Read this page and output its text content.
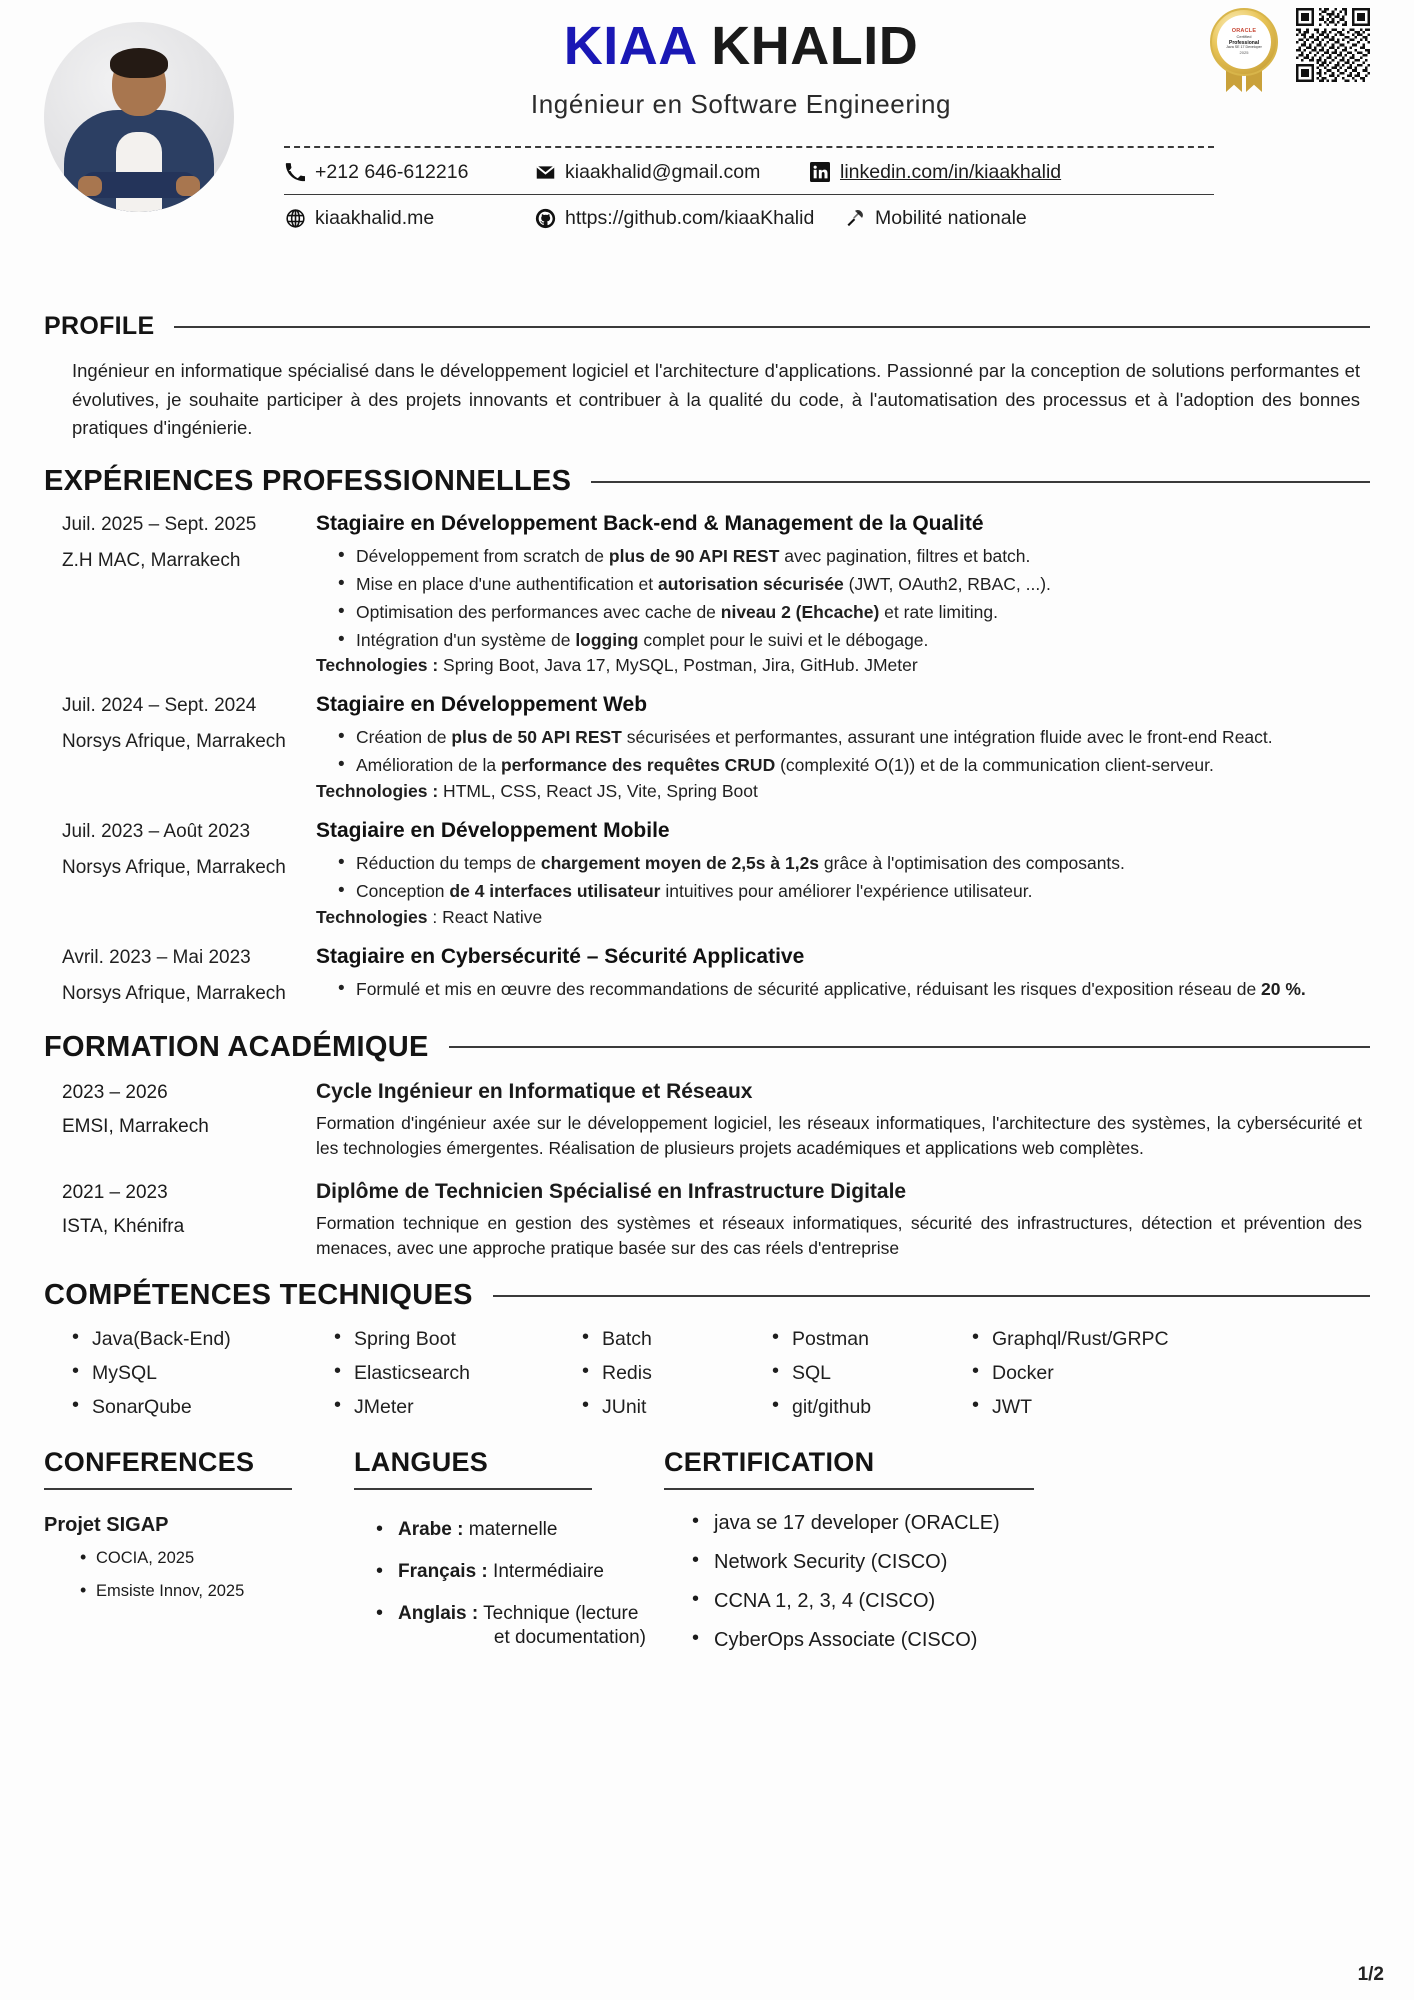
KIAA KHALID
Ingénieur en Software Engineering
+212 646-612216	kiaakhalid@gmail.com	linkedin.com/in/kiaakhalid
kiaakhalid.me	https://github.com/kiaaKhalid	Mobilité nationale
ORACLE
Certified
Professional
Java SE 17 Developer
2025
PROFILE

Ingénieur en informatique spécialisé dans le développement logiciel et l'architecture d'applications. Passionné par la conception de solutions performantes et évolutives, je souhaite participer à des projets innovants et contribuer à la qualité du code, à l'automatisation des processus et à l'adoption des bonnes pratiques d'ingénierie.

EXPÉRIENCES PROFESSIONNELLES
Juil. 2025 – Sept. 2025
Z.H MAC, Marrakech
Stagiaire en Développement Back-end & Management de la Qualité
• Développement from scratch de plus de 90 API REST avec pagination, filtres et batch.
• Mise en place d'une authentification et autorisation sécurisée (JWT, OAuth2, RBAC, ...).
• Optimisation des performances avec cache de niveau 2 (Ehcache) et rate limiting.
• Intégration d'un système de logging complet pour le suivi et le débogage.
Technologies : Spring Boot, Java 17, MySQL, Postman, Jira, GitHub. JMeter
Juil. 2024 – Sept. 2024
Norsys Afrique, Marrakech
Stagiaire en Développement Web
• Création de plus de 50 API REST sécurisées et performantes, assurant une intégration fluide avec le front-end React.
• Amélioration de la performance des requêtes CRUD (complexité O(1)) et de la communication client-serveur.
Technologies : HTML, CSS, React JS, Vite, Spring Boot
Juil. 2023 – Août 2023
Norsys Afrique, Marrakech
Stagiaire en Développement Mobile
• Réduction du temps de chargement moyen de 2,5s à 1,2s grâce à l'optimisation des composants.
• Conception de 4 interfaces utilisateur intuitives pour améliorer l'expérience utilisateur.
Technologies : React Native
Avril. 2023 – Mai 2023
Norsys Afrique, Marrakech
Stagiaire en Cybersécurité – Sécurité Applicative
• Formulé et mis en œuvre des recommandations de sécurité applicative, réduisant les risques d'exposition réseau de 20 %.
FORMATION ACADÉMIQUE
2023 – 2026
EMSI, Marrakech
Cycle Ingénieur en Informatique et Réseaux
Formation d'ingénieur axée sur le développement logiciel, les réseaux informatiques, l'architecture des systèmes, la cybersécurité et les technologies émergentes. Réalisation de plusieurs projets académiques et applications web complètes.
2021 – 2023
ISTA, Khénifra
Diplôme de Technicien Spécialisé en Infrastructure Digitale
Formation technique en gestion des systèmes et réseaux informatiques, sécurité des infrastructures, détection et prévention des menaces, avec une approche pratique basée sur des cas réels d'entreprise
COMPÉTENCES TECHNIQUES
• Java(Back-End)	• Spring Boot	• Batch	• Postman	• Graphql/Rust/GRPC
• MySQL	• Elasticsearch	• Redis	• SQL	• Docker
• SonarQube	• JMeter	• JUnit	• git/github	• JWT
CONFERENCES
Projet SIGAP
• COCIA, 2025
• Emsiste Innov, 2025
LANGUES
• Arabe : maternelle
• Français : Intermédiaire
• Anglais : Technique (lecture
et documentation)
CERTIFICATION
• java se 17 developer (ORACLE)
• Network Security (CISCO)
• CCNA 1, 2, 3, 4 (CISCO)
• CyberOps Associate (CISCO)
1/2
